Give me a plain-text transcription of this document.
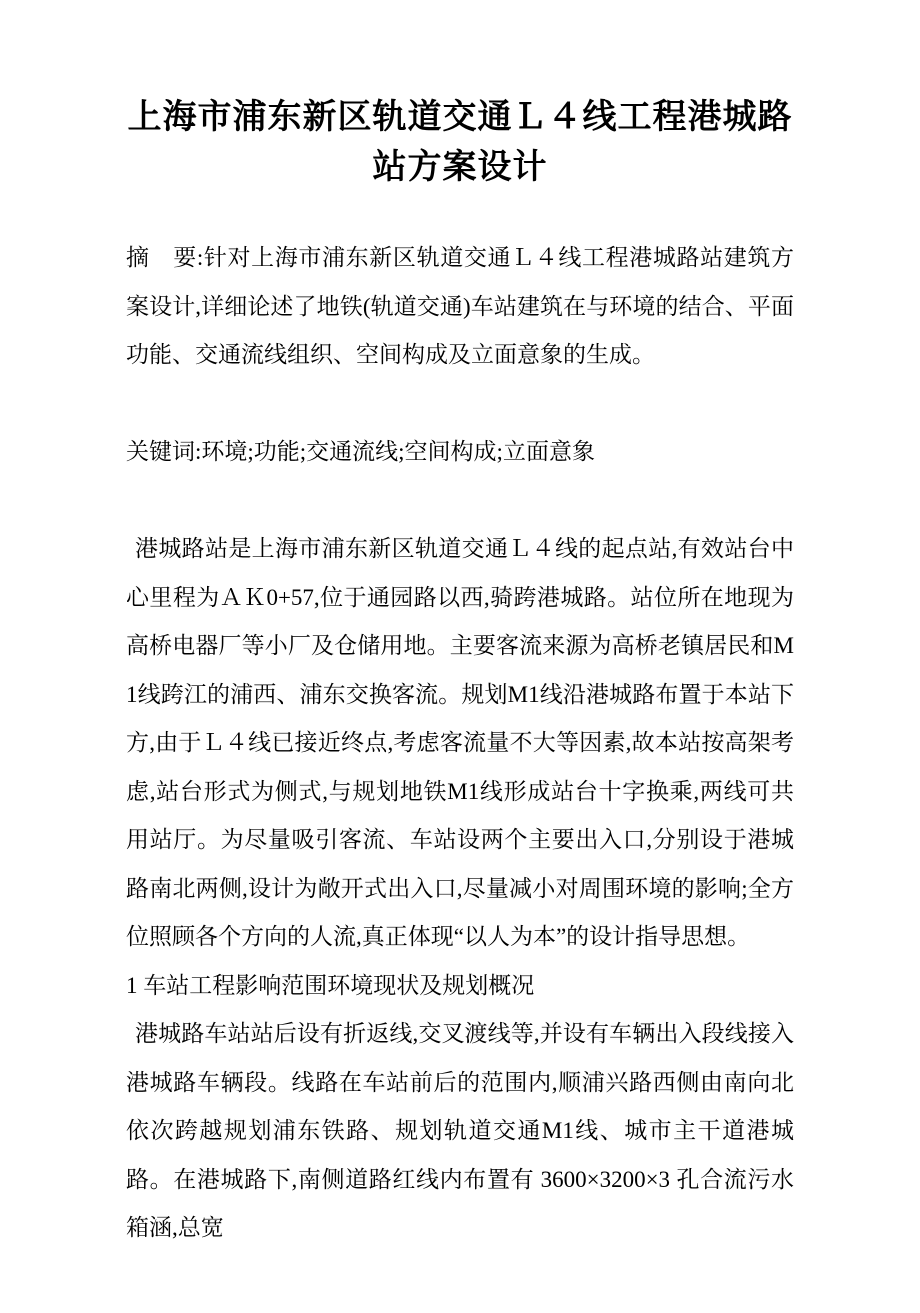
上海市浦东新区轨道交通Ｌ４线工程港城路站方案设计

摘　要:针对上海市浦东新区轨道交通Ｌ４线工程港城路站建筑方案设计,详细论述了地铁(轨道交通)车站建筑在与环境的结合、平面功能、交通流线组织、空间构成及立面意象的生成。

关键词:环境;功能;交通流线;空间构成;立面意象

港城路站是上海市浦东新区轨道交通Ｌ４线的起点站,有效站台中心里程为ＡＫ0+57,位于通园路以西,骑跨港城路。站位所在地现为高桥电器厂等小厂及仓储用地。主要客流来源为高桥老镇居民和M1线跨江的浦西、浦东交换客流。规划M1线沿港城路布置于本站下方,由于Ｌ４线已接近终点,考虑客流量不大等因素,故本站按高架考虑,站台形式为侧式,与规划地铁M1线形成站台十字换乘,两线可共用站厅。为尽量吸引客流、车站设两个主要出入口,分别设于港城路南北两侧,设计为敞开式出入口,尽量减小对周围环境的影响;全方位照顾各个方向的人流,真正体现“以人为本”的设计指导思想。

1 车站工程影响范围环境现状及规划概况

港城路车站站后设有折返线,交叉渡线等,并设有车辆出入段线接入港城路车辆段。线路在车站前后的范围内,顺浦兴路西侧由南向北依次跨越规划浦东铁路、规划轨道交通M1线、城市主干道港城路。在港城路下,南侧道路红线内布置有 3600×3200×3 孔合流污水箱涵,总宽
